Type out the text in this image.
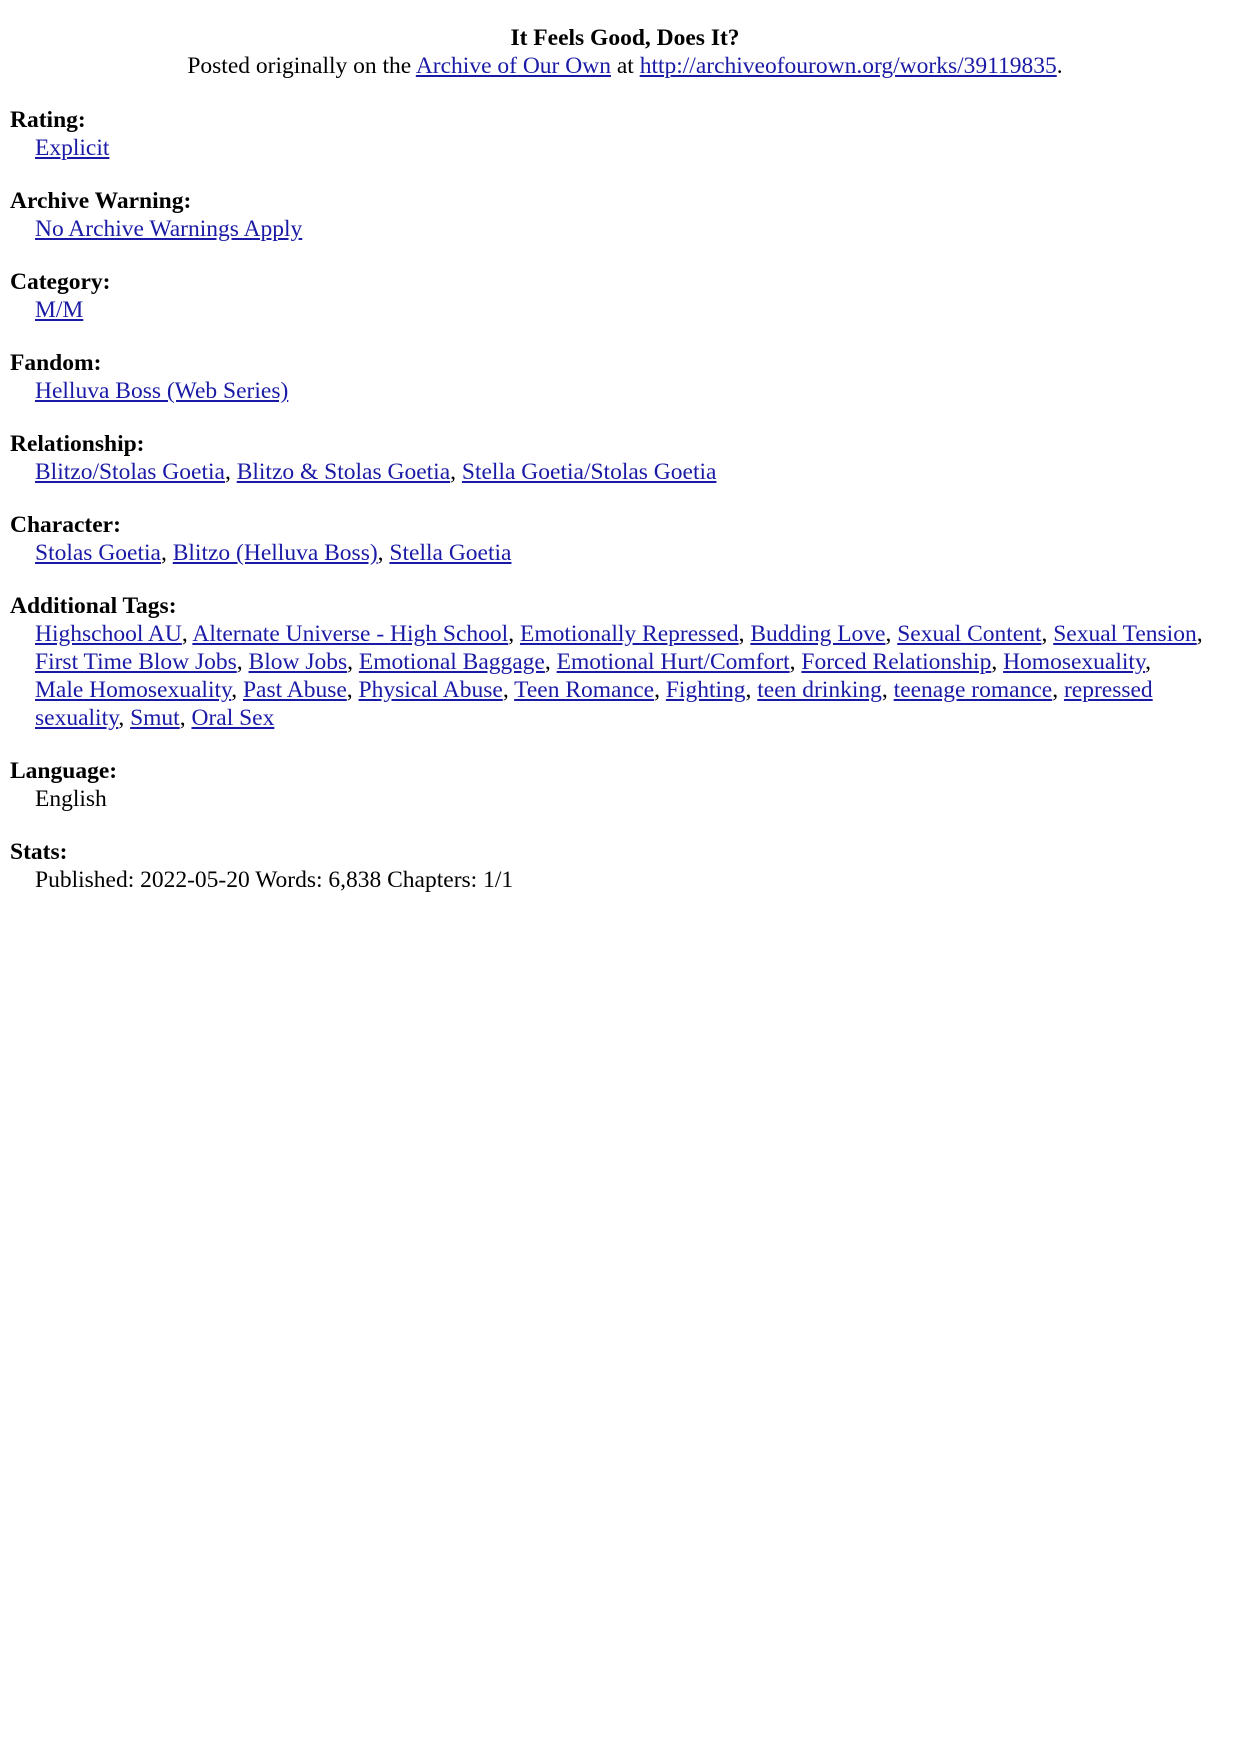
It Feels Good, Does It?
Posted originally on the Archive of Our Own at http://archiveofourown.org/works/39119835.
Rating:
Explicit
Archive Warning:
No Archive Warnings Apply
Category:
M/M
Fandom:
Helluva Boss (Web Series)
Relationship:
Blitzo/Stolas Goetia, Blitzo & Stolas Goetia, Stella Goetia/Stolas Goetia
Character:
Stolas Goetia, Blitzo (Helluva Boss), Stella Goetia
Additional Tags:
Highschool AU, Alternate Universe - High School, Emotionally Repressed, Budding Love, Sexual Content, Sexual Tension, First Time Blow Jobs, Blow Jobs, Emotional Baggage, Emotional Hurt/Comfort, Forced Relationship, Homosexuality, Male Homosexuality, Past Abuse, Physical Abuse, Teen Romance, Fighting, teen drinking, teenage romance, repressed sexuality, Smut, Oral Sex
Language:
English
Stats:
Published: 2022-05-20 Words: 6,838 Chapters: 1/1
